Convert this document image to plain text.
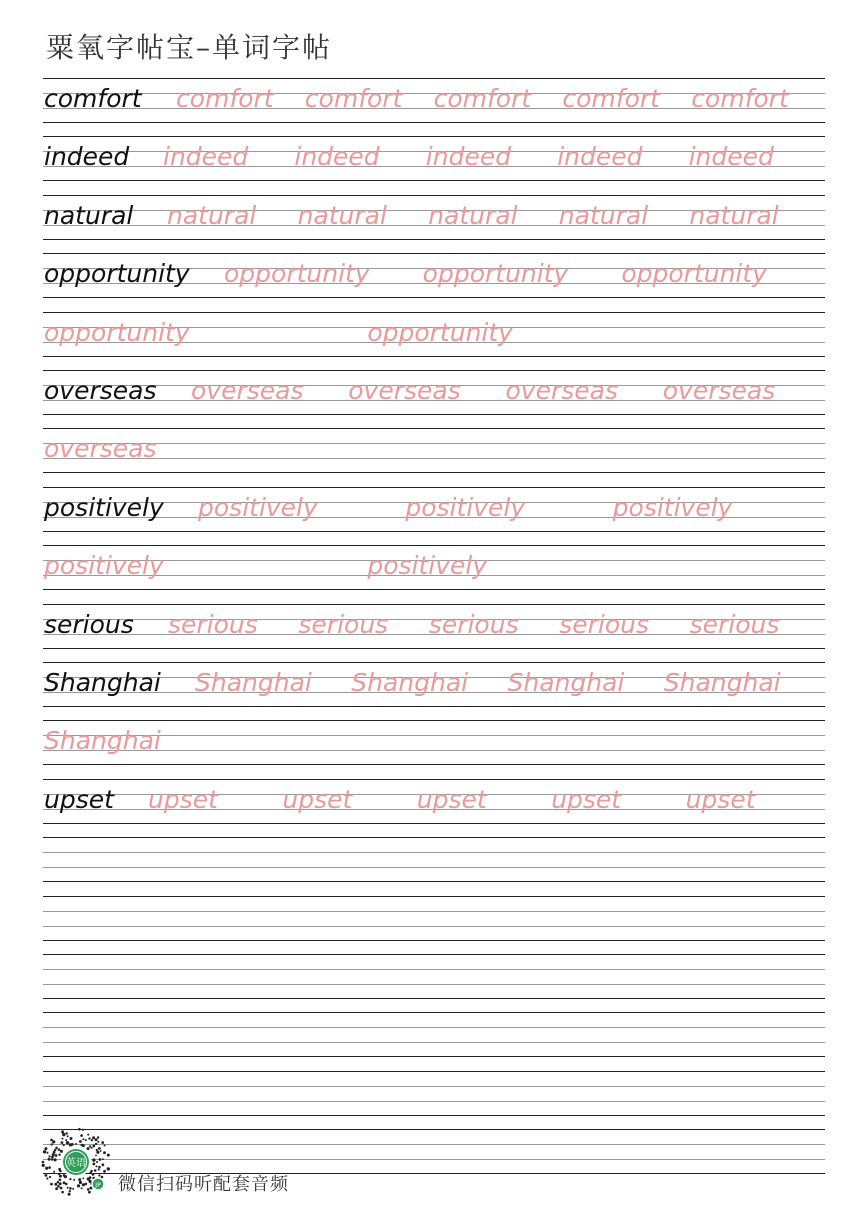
粟氧字帖宝–单词字帖
comfort comfort comfort comfort comfort comfort
indeed indeed indeed indeed indeed indeed
natural natural natural natural natural natural
opportunity opportunity opportunity opportunity
opportunity	opportunity
overseas overseas overseas overseas overseas
overseas
positively positively	positively	positively
positively	positively
serious serious serious serious serious serious
Shanghai Shanghai Shanghai Shanghai Shanghai
Shanghai
upset upset	upset	upset	upset	upset
英语
JP 微信扫码听配套音频
